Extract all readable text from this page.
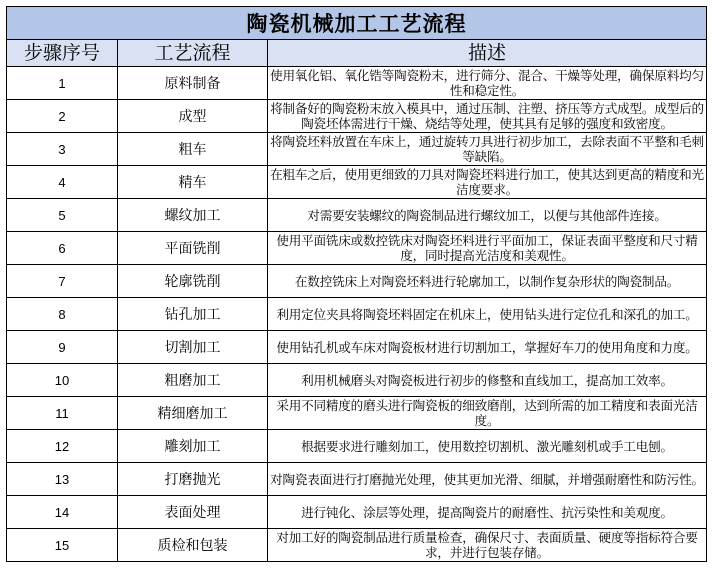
陶瓷机械加工工艺流程		
步骤序号	工艺流程	描述
1	原料制备	使用氧化铝、氧化锆等陶瓷粉末，进行筛分、混合、干燥等处理，确保原料均匀性和稳定性。
2	成型	将制备好的陶瓷粉末放入模具中，通过压制、注塑、挤压等方式成型。成型后的陶瓷坯体需进行干燥、烧结等处理，使其具有足够的强度和致密度。
3	粗车	将陶瓷坯料放置在车床上，通过旋转刀具进行初步加工，去除表面不平整和毛刺等缺陷。
4	精车	在粗车之后，使用更细致的刀具对陶瓷坯料进行加工，使其达到更高的精度和光洁度要求。
5	螺纹加工	对需要安装螺纹的陶瓷制品进行螺纹加工，以便与其他部件连接。
6	平面铣削	使用平面铣床或数控铣床对陶瓷坯料进行平面加工，保证表面平整度和尺寸精度，同时提高光洁度和美观性。
7	轮廓铣削	在数控铣床上对陶瓷坯料进行轮廓加工，以制作复杂形状的陶瓷制品。
8	钻孔加工	利用定位夹具将陶瓷坯料固定在机床上，使用钻头进行定位孔和深孔的加工。
9	切割加工	使用钻孔机或车床对陶瓷板材进行切割加工，掌握好车刀的使用角度和力度。
10	粗磨加工	利用机械磨头对陶瓷板进行初步的修整和直线加工，提高加工效率。
11	精细磨加工	采用不同精度的磨头进行陶瓷板的细致磨削，达到所需的加工精度和表面光洁度。
12	雕刻加工	根据要求进行雕刻加工，使用数控切割机、激光雕刻机或手工电刨。
13	打磨抛光	对陶瓷表面进行打磨抛光处理，使其更加光滑、细腻，并增强耐磨性和防污性。
14	表面处理	进行钝化、涂层等处理，提高陶瓷片的耐磨性、抗污染性和美观度。
15	质检和包装	对加工好的陶瓷制品进行质量检查，确保尺寸、表面质量、硬度等指标符合要求，并进行包装存储。
